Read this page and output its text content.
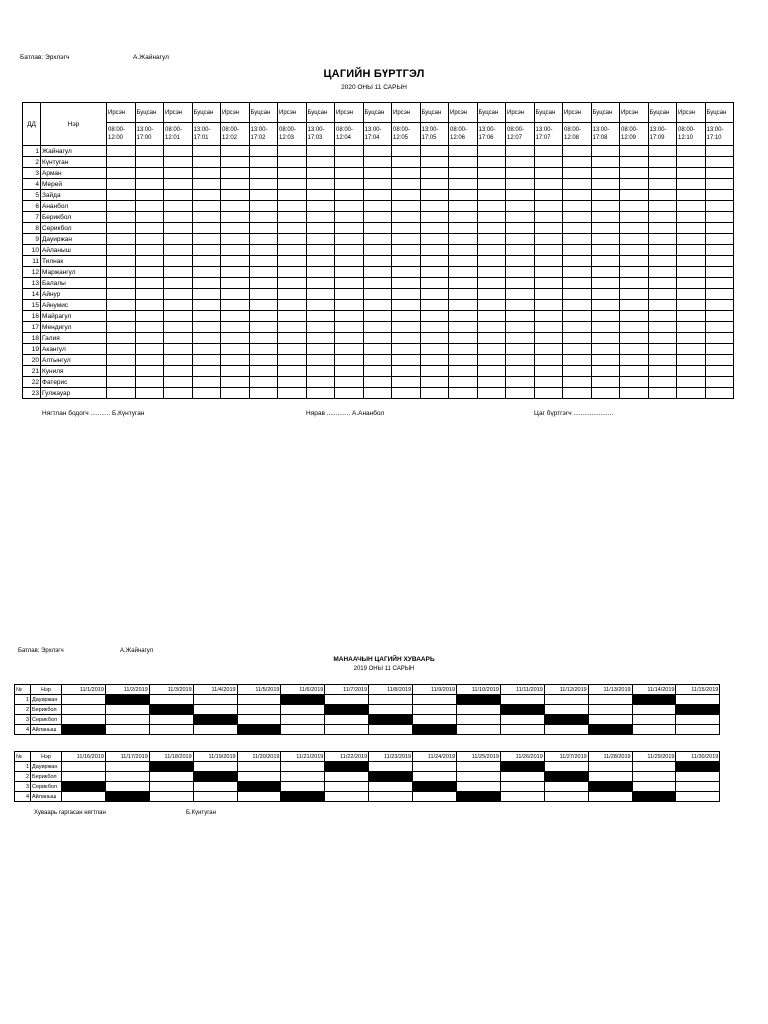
Батлав: Эрхлэгч	А.Жайнагул
ЦАГИЙН БҮРТГЭЛ
2020 ОНЫ 11 САРЫН
ДД	Нэр	Ирсэн	Буцсан	Ирсэн	Буцсан	Ирсэн	Буцсан	Ирсэн	Буцсан	Ирсэн	Буцсан	Ирсэн	Буцсан	Ирсэн	Буцсан	Ирсэн	Буцсан	Ирсэн	Буцсан	Ирсэн	Буцсан	Ирсэн	Буцсан
		08:00-12:00	13:00-17:00	08:00-12:01	13:00-17:01	08:00-12:02	13:00-17:02	08:00-12:03	13:00-17:03	08:00-12:04	13:00-17:04	08:00-12:05	13:00-17:05	08:00-12:06	13:00-17:06	08:00-12:07	13:00-17:07	08:00-12:08	13:00-17:08	08:00-12:09	13:00-17:09	08:00-12:10	13:00-17:10
1	Жайнагул																						
2	Күнтуган																						
3	Арман																						
4	Мерей																						
5	Зайда																						
6	Ананбол																						
7	Берикбол																						
8	Серикбол																						
9	Дауиржан																						
10	Айланыш																						
11	Тилнак																						
12	Маржангул																						
13	Балалы																						
14	Айнур																						
15	Айнумис																						
16	Майрагул																						
17	Мендигул																						
18	Галия																						
19	Акангул																						
20	Алтынгул																						
21	Куниля																						
22	Фатерис																						
23	Гулжауар																						
Нягтлан бодогч ........... Б.Күнтуган	Нярав ............. А.Ананбол	Цаг бүртгэгч ......................
Батлав: Эрхлэгч	А.Жайнагул
МАНААЧЫН ЦАГИЙН ХУВААРЬ
2019 ОНЫ 11 САРЫН
№	Нэр	11/1/2019	11/2/2019	11/3/2019	11/4/2019	11/5/2019	11/6/2019	11/7/2019	11/8/2019	11/9/2019	11/10/2019	11/11/2019	11/12/2019	11/13/2019	11/14/2019	11/15/2019
1	Дауиржан															
2	Берикбол															
3	Серикбол															
4	Айланыш															
№	Нэр	11/16/2019	11/17/2019	11/18/2019	11/19/2019	11/20/2019	11/21/2019	11/22/2019	11/23/2019	11/24/2019	11/25/2019	11/26/2019	11/27/2019	11/28/2019	11/29/2019	11/30/2019
1	Дауиржан															
2	Берикбол															
3	Серикбол															
4	Айланыш															
Хуваарь гаргасан нягтлан	Б.Күнтуган
